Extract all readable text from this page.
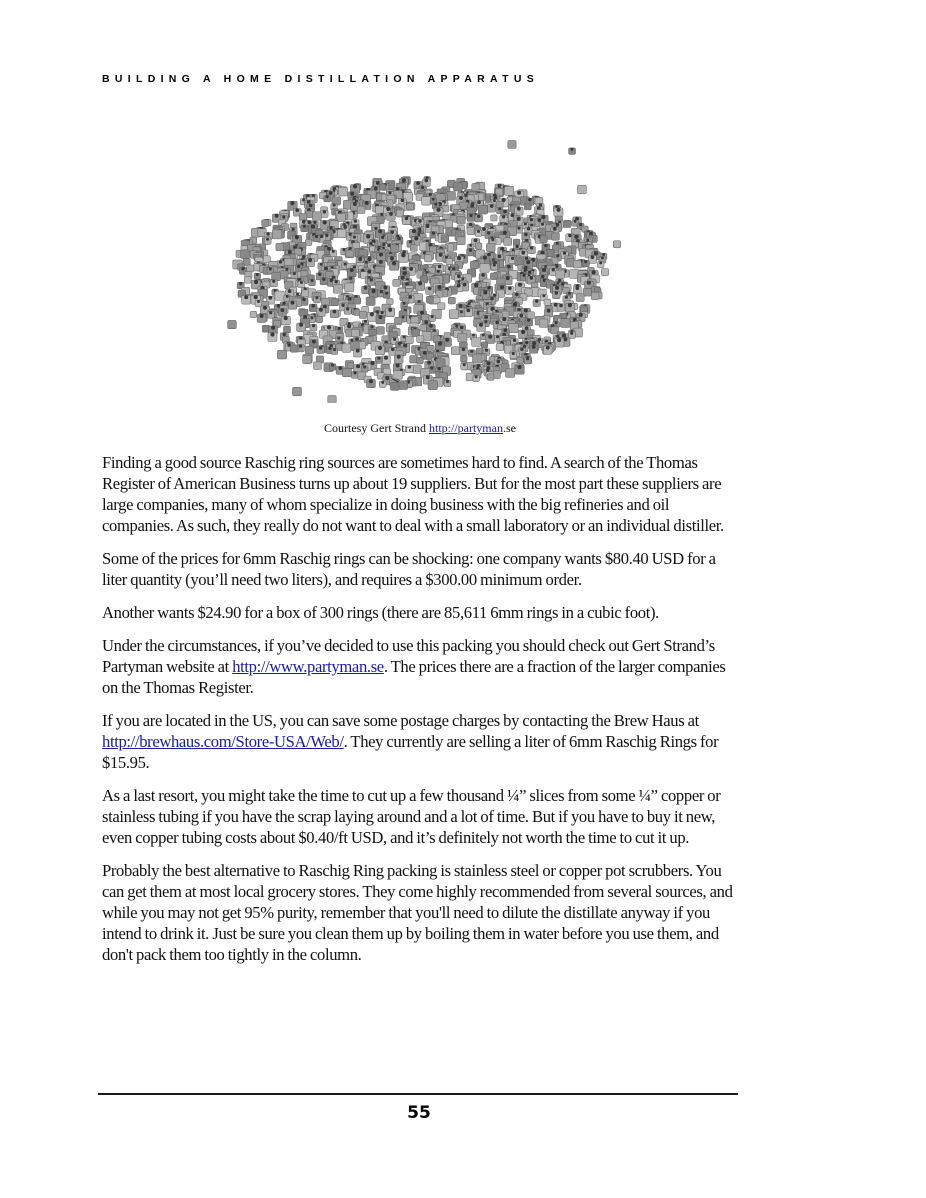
BUILDING A HOME DISTILLATION APPARATUS
Courtesy Gert Strand http://partyman.se

Finding a good source Raschig ring sources are sometimes hard to find. A search of the Thomas Register of American Business turns up about 19 suppliers. But for the most part these suppliers are large companies, many of whom specialize in doing business with the big refineries and oil companies. As such, they really do not want to deal with a small laboratory or an individual distiller.

Some of the prices for 6mm Raschig rings can be shocking: one company wants $80.40 USD for a liter quantity (you’ll need two liters), and requires a $300.00 minimum order.

Another wants $24.90 for a box of 300 rings (there are 85,611 6mm rings in a cubic foot).

Under the circumstances, if you’ve decided to use this packing you should check out Gert Strand’s Partyman website at http://www.partyman.se. The prices there are a fraction of the larger companies on the Thomas Register.

If you are located in the US, you can save some postage charges by contacting the Brew Haus at http://brewhaus.com/Store-USA/Web/. They currently are selling a liter of 6mm Raschig Rings for $15.95.

As a last resort, you might take the time to cut up a few thousand ¼” slices from some ¼” copper or stainless tubing if you have the scrap laying around and a lot of time. But if you have to buy it new, even copper tubing costs about $0.40/ft USD, and it’s definitely not worth the time to cut it up.

Probably the best alternative to Raschig Ring packing is stainless steel or copper pot scrubbers. You can get them at most local grocery stores. They come highly recommended from several sources, and while you may not get 95% purity, remember that you'll need to dilute the distillate anyway if you intend to drink it. Just be sure you clean them up by boiling them in water before you use them, and don't pack them too tightly in the column.

55
